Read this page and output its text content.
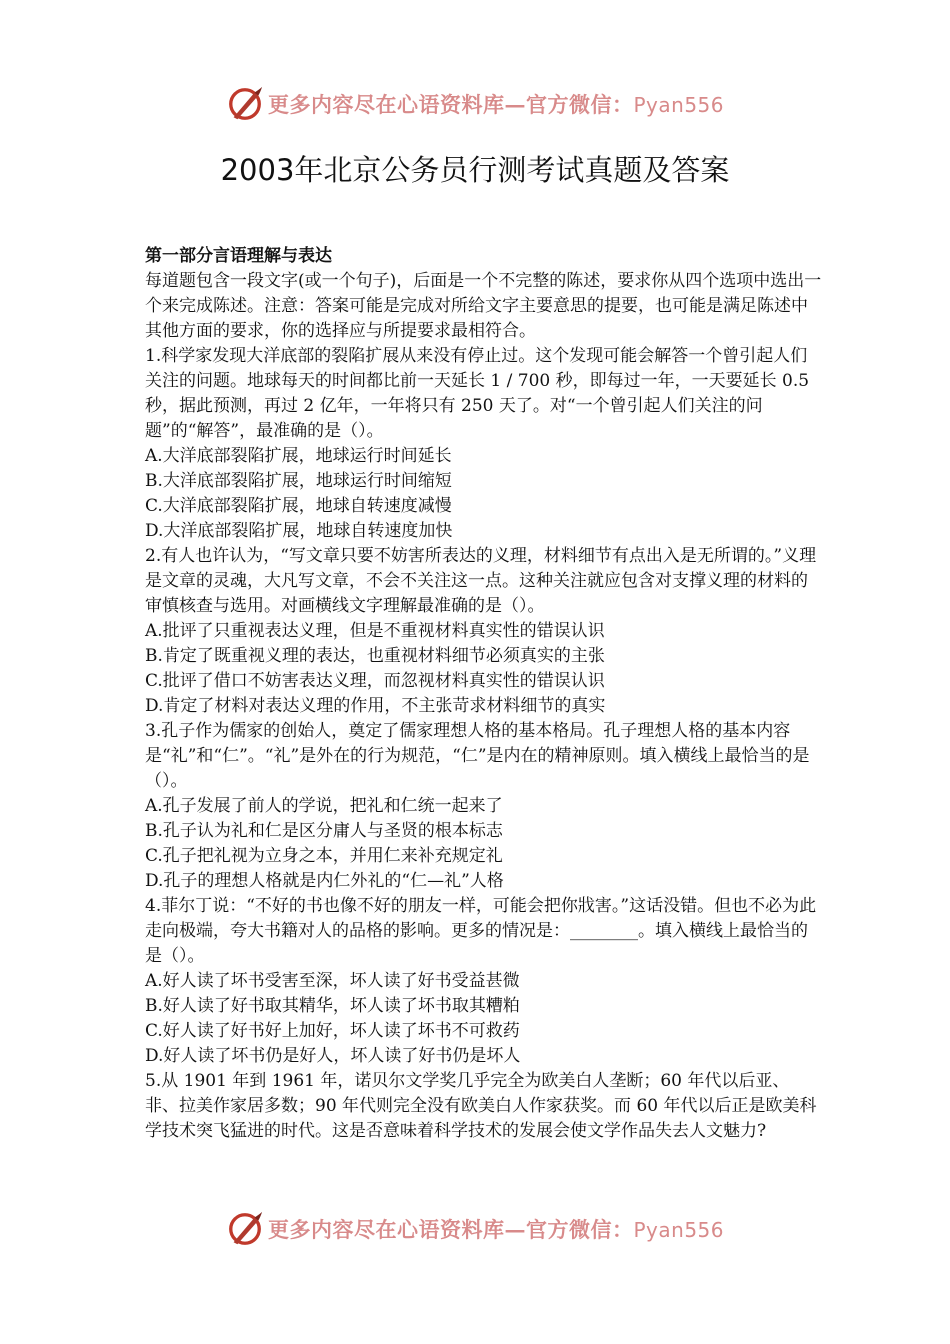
更多内容尽在心语资料库—官方微信：Pyan556
2003年北京公务员行测考试真题及答案

第一部分言语理解与表达

每道题包含一段文字(或一个句子)，后面是一个不完整的陈述，要求你从四个选项中选出一个来完成陈述。注意：答案可能是完成对所给文字主要意思的提要，也可能是满足陈述中其他方面的要求，你的选择应与所提要求最相符合。

1.科学家发现大洋底部的裂陷扩展从来没有停止过。这个发现可能会解答一个曾引起人们关注的问题。地球每天的时间都比前一天延长 1 / 700 秒，即每过一年，一天要延长 0.5 秒，据此预测，再过 2 亿年，一年将只有 250 天了。对“一个曾引起人们关注的问题”的“解答”，最准确的是（）。

A.大洋底部裂陷扩展，地球运行时间延长

B.大洋底部裂陷扩展，地球运行时间缩短

C.大洋底部裂陷扩展，地球自转速度减慢

D.大洋底部裂陷扩展，地球自转速度加快

2.有人也许认为，“写文章只要不妨害所表达的义理，材料细节有点出入是无所谓的。”义理是文章的灵魂，大凡写文章，不会不关注这一点。这种关注就应包含对支撑义理的材料的审慎核查与选用。对画横线文字理解最准确的是（）。

A.批评了只重视表达义理，但是不重视材料真实性的错误认识

B.肯定了既重视义理的表达，也重视材料细节必须真实的主张

C.批评了借口不妨害表达义理，而忽视材料真实性的错误认识

D.肯定了材料对表达义理的作用，不主张苛求材料细节的真实

3.孔子作为儒家的创始人，奠定了儒家理想人格的基本格局。孔子理想人格的基本内容是“礼”和“仁”。“礼”是外在的行为规范，“仁”是内在的精神原则。填入横线上最恰当的是（）。

A.孔子发展了前人的学说，把礼和仁统一起来了

B.孔子认为礼和仁是区分庸人与圣贤的根本标志

C.孔子把礼视为立身之本，并用仁来补充规定礼

D.孔子的理想人格就是内仁外礼的“仁—礼”人格

4.菲尔丁说：“不好的书也像不好的朋友一样，可能会把你戕害。”这话没错。但也不必为此走向极端，夸大书籍对人的品格的影响。更多的情况是：________。填入横线上最恰当的是（）。

A.好人读了坏书受害至深，坏人读了好书受益甚微

B.好人读了好书取其精华，坏人读了坏书取其糟粕

C.好人读了好书好上加好，坏人读了坏书不可救药

D.好人读了坏书仍是好人，坏人读了好书仍是坏人

5.从 1901 年到 1961 年，诺贝尔文学奖几乎完全为欧美白人垄断；60 年代以后亚、非、拉美作家居多数；90 年代则完全没有欧美白人作家获奖。而 60 年代以后正是欧美科学技术突飞猛进的时代。这是否意味着科学技术的发展会使文学作品失去人文魅力?

更多内容尽在心语资料库—官方微信：Pyan556
